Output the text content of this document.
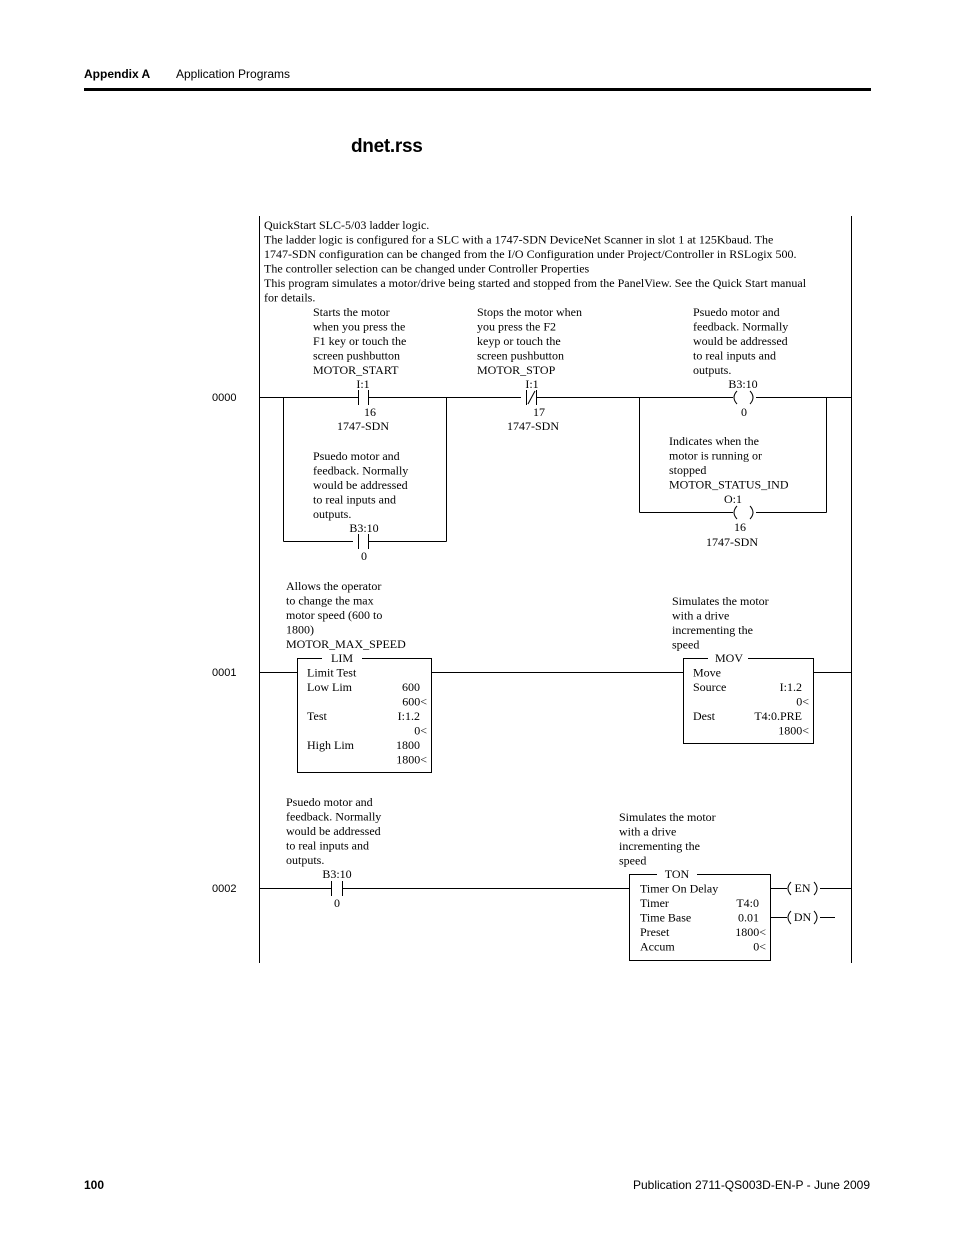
Appendix A Application Programs
dnet.rss
QuickStart SLC-5/03 ladder logic.
The ladder logic is configured for a SLC with a 1747-SDN DeviceNet Scanner in slot 1 at 125Kbaud. The
1747-SDN configuration can be changed from the I/O Configuration under Project/Controller in RSLogix 500.
The controller selection can be changed under Controller Properties
This program simulates a motor/drive being started and stopped from the PanelView. See the Quick Start manual
for details.
0000
Starts the motor
when you press the
F1 key or touch the
screen pushbutton
MOTOR_START
I:1
16
1747-SDN
Stops the motor when
you press the F2
keyp or touch the
screen pushbutton
MOTOR_STOP
I:1
17
1747-SDN
Psuedo motor and
feedback. Normally
would be addressed
to real inputs and
outputs.
B3:10
0
Psuedo motor and
feedback. Normally
would be addressed
to real inputs and
outputs.
B3:10
0
Indicates when the
motor is running or
stopped
MOTOR_STATUS_IND
O:1
16
1747-SDN
0001
Allows the operator
to change the max
motor speed (600 to
1800)
MOTOR_MAX_SPEED
LIM
Limit Test
Low Lim	600
600<
Test	I:1.2
0<
High Lim	1800
1800<
Simulates the motor
with a drive
incrementing the
speed
MOV
Move
Source	I:1.2
0<
Dest	T4:0.PRE
1800<
0002
Psuedo motor and
feedback. Normally
would be addressed
to real inputs and
outputs.
B3:10
0
Simulates the motor
with a drive
incrementing the
speed
TON
Timer On Delay
Timer	T4:0
Time Base	0.01
Preset	1800<
Accum	0<
EN
DN
100	Publication 2711-QS003D-EN-P - June 2009
